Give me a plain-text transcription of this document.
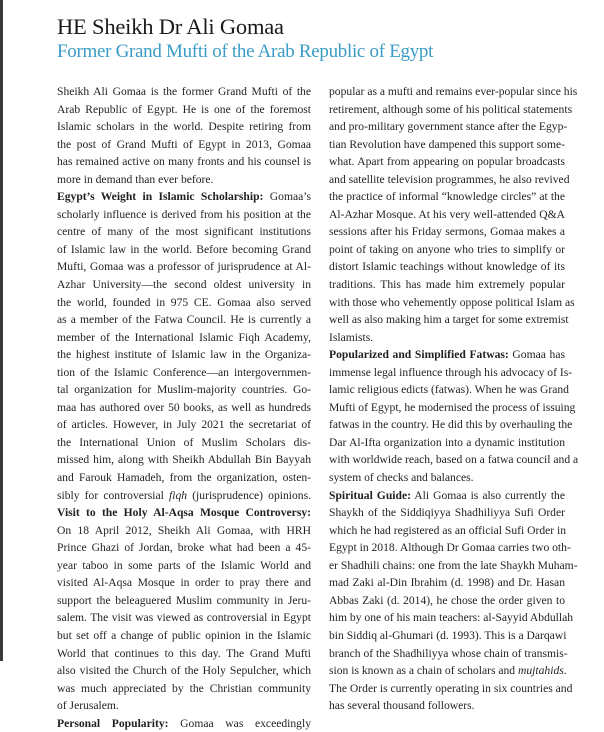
HE Sheikh Dr Ali Gomaa
Former Grand Mufti of the Arab Republic of Egypt
Sheikh Ali Gomaa is the former Grand Mufti of the
Arab Republic of Egypt. He is one of the foremost
Islamic scholars in the world. Despite retiring from
the post of Grand Mufti of Egypt in 2013, Gomaa
has remained active on many fronts and his counsel is
more in demand than ever before.
Egypt’s Weight in Islamic Scholarship: Gomaa’s
scholarly influence is derived from his position at the
centre of many of the most significant institutions
of Islamic law in the world. Before becoming Grand
Mufti, Gomaa was a professor of jurisprudence at Al-
Azhar University—the second oldest university in
the world, founded in 975 CE. Gomaa also served
as a member of the Fatwa Council. He is currently a
member of the International Islamic Fiqh Academy,
the highest institute of Islamic law in the Organiza-
tion of the Islamic Conference—an intergovernmen-
tal organization for Muslim-majority countries. Go-
maa has authored over 50 books, as well as hundreds
of articles. However, in July 2021 the secretariat of
the International Union of Muslim Scholars dis-
missed him, along with Sheikh Abdullah Bin Bayyah
and Farouk Hamadeh, from the organization, osten-
sibly for controversial fiqh (jurisprudence) opinions.
Visit to the Holy Al-Aqsa Mosque Controversy:
On 18 April 2012, Sheikh Ali Gomaa, with HRH
Prince Ghazi of Jordan, broke what had been a 45-
year taboo in some parts of the Islamic World and
visited Al-Aqsa Mosque in order to pray there and
support the beleaguered Muslim community in Jeru-
salem. The visit was viewed as controversial in Egypt
but set off a change of public opinion in the Islamic
World that continues to this day. The Grand Mufti
also visited the Church of the Holy Sepulcher, which
was much appreciated by the Christian community
of Jerusalem.
Personal Popularity: Gomaa was exceedingly
popular as a mufti and remains ever-popular since his
retirement, although some of his political statements
and pro-military government stance after the Egyp-
tian Revolution have dampened this support some-
what. Apart from appearing on popular broadcasts
and satellite television programmes, he also revived
the practice of informal “knowledge circles” at the
Al-Azhar Mosque. At his very well-attended Q&A
sessions after his Friday sermons, Gomaa makes a
point of taking on anyone who tries to simplify or
distort Islamic teachings without knowledge of its
traditions. This has made him extremely popular
with those who vehemently oppose political Islam as
well as also making him a target for some extremist
Islamists.
Popularized and Simplified Fatwas: Gomaa has
immense legal influence through his advocacy of Is-
lamic religious edicts (fatwas). When he was Grand
Mufti of Egypt, he modernised the process of issuing
fatwas in the country. He did this by overhauling the
Dar Al-Ifta organization into a dynamic institution
with worldwide reach, based on a fatwa council and a
system of checks and balances.
Spiritual Guide: Ali Gomaa is also currently the
Shaykh of the Siddiqiyya Shadhiliyya Sufi Order
which he had registered as an official Sufi Order in
Egypt in 2018. Although Dr Gomaa carries two oth-
er Shadhili chains: one from the late Shaykh Muham-
mad Zaki al-Din Ibrahim (d. 1998) and Dr. Hasan
Abbas Zaki (d. 2014), he chose the order given to
him by one of his main teachers: al-Sayyid Abdullah
bin Siddiq al-Ghumari (d. 1993). This is a Darqawi
branch of the Shadhiliyya whose chain of transmis-
sion is known as a chain of scholars and mujtahids.
The Order is currently operating in six countries and
has several thousand followers.
